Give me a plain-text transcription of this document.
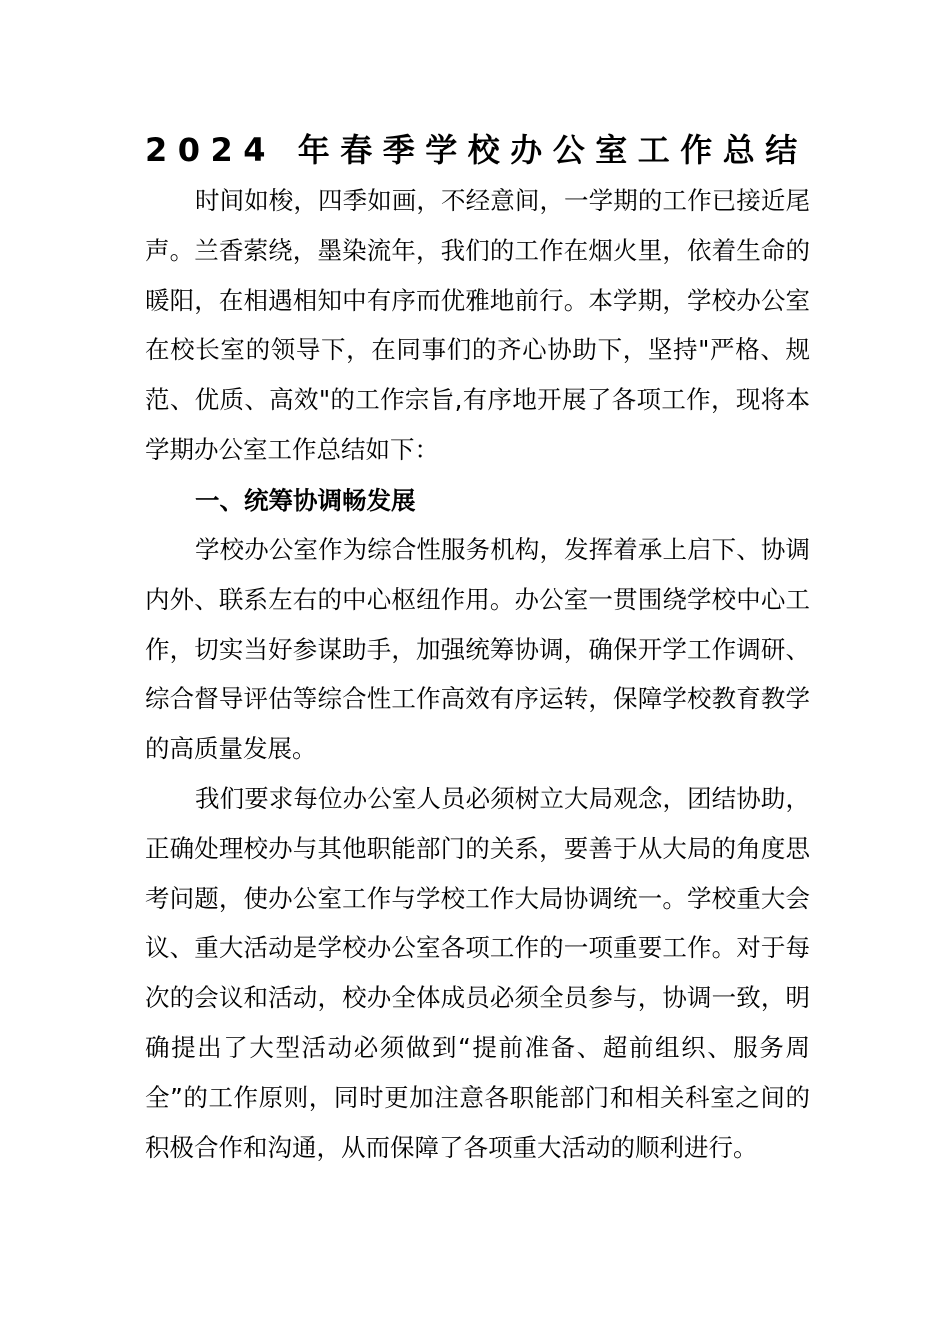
2024 年春季学校办公室工作总结

时间如梭，四季如画，不经意间，一学期的工作已接近尾声。兰香萦绕，墨染流年，我们的工作在烟火里，依着生命的暖阳，在相遇相知中有序而优雅地前行。本学期，学校办公室在校长室的领导下，在同事们的齐心协助下，坚持"严格、规范、优质、高效"的工作宗旨,有序地开展了各项工作，现将本学期办公室工作总结如下：

一、统筹协调畅发展

学校办公室作为综合性服务机构，发挥着承上启下、协调内外、联系左右的中心枢纽作用。办公室一贯围绕学校中心工作，切实当好参谋助手，加强统筹协调，确保开学工作调研、综合督导评估等综合性工作高效有序运转，保障学校教育教学的高质量发展。

我们要求每位办公室人员必须树立大局观念，团结协助，正确处理校办与其他职能部门的关系，要善于从大局的角度思考问题，使办公室工作与学校工作大局协调统一。学校重大会议、重大活动是学校办公室各项工作的一项重要工作。对于每次的会议和活动，校办全体成员必须全员参与，协调一致，明确提出了大型活动必须做到“提前准备、超前组织、服务周全”的工作原则，同时更加注意各职能部门和相关科室之间的积极合作和沟通，从而保障了各项重大活动的顺利进行。
